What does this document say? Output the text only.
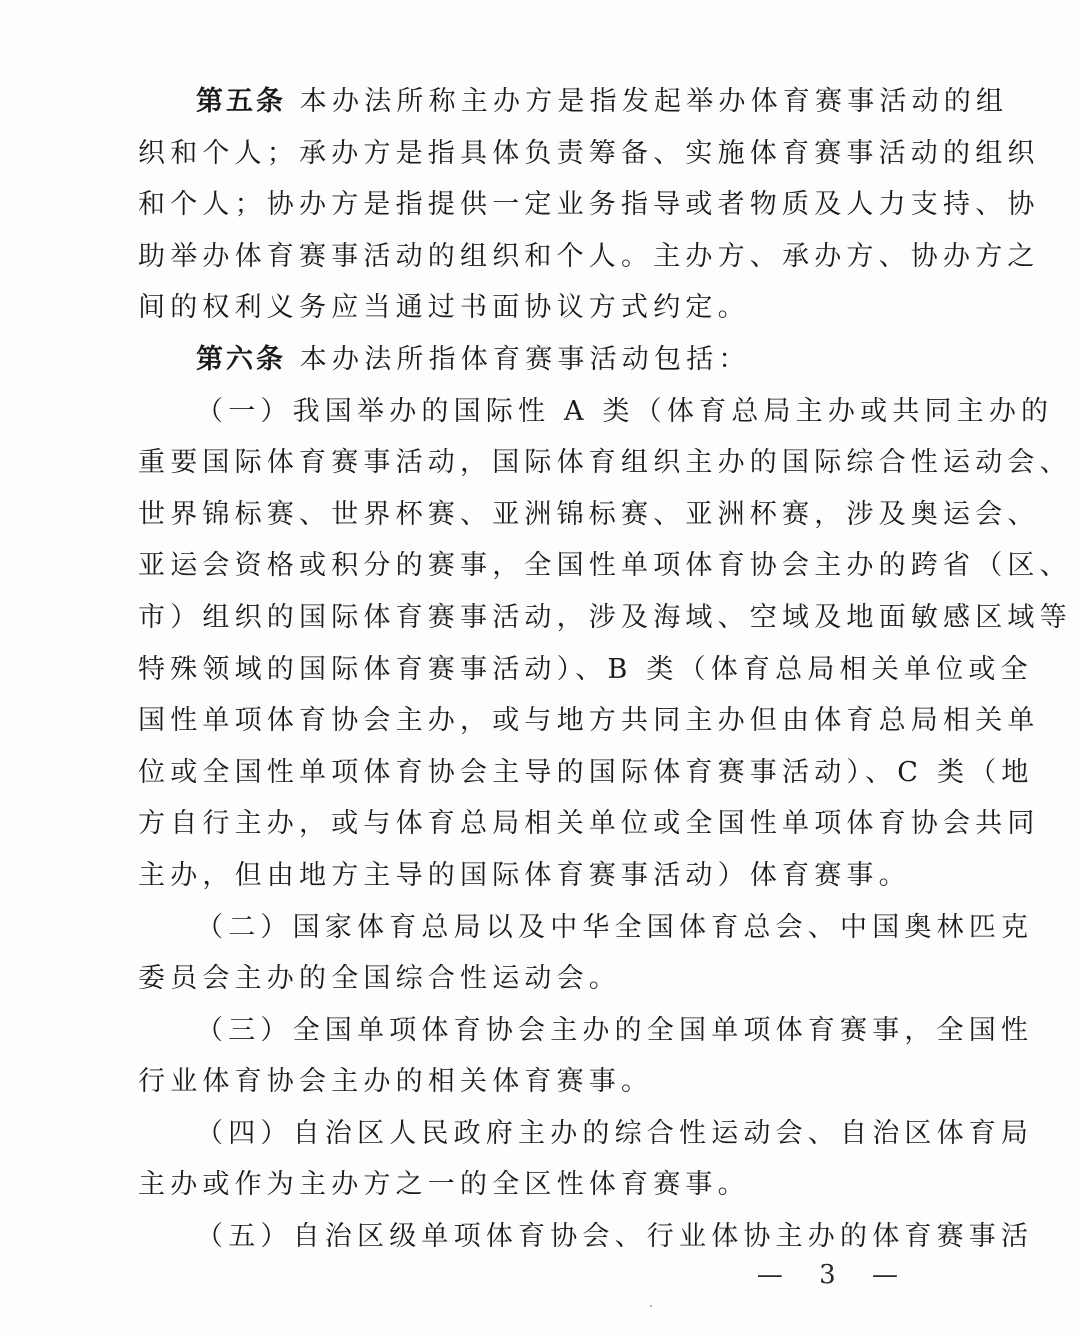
第五条 本办法所称主办方是指发起举办体育赛事活动的组
织和个人；承办方是指具体负责筹备、实施体育赛事活动的组织
和个人；协办方是指提供一定业务指导或者物质及人力支持、协
助举办体育赛事活动的组织和个人。主办方、承办方、协办方之
间的权利义务应当通过书面协议方式约定。
第六条 本办法所指体育赛事活动包括：
（一）我国举办的国际性 A 类（体育总局主办或共同主办的
重要国际体育赛事活动，国际体育组织主办的国际综合性运动会、
世界锦标赛、世界杯赛、亚洲锦标赛、亚洲杯赛，涉及奥运会、
亚运会资格或积分的赛事，全国性单项体育协会主办的跨省（区、
市）组织的国际体育赛事活动，涉及海域、空域及地面敏感区域等
特殊领域的国际体育赛事活动）、B 类（体育总局相关单位或全
国性单项体育协会主办，或与地方共同主办但由体育总局相关单
位或全国性单项体育协会主导的国际体育赛事活动）、C 类（地
方自行主办，或与体育总局相关单位或全国性单项体育协会共同
主办，但由地方主导的国际体育赛事活动）体育赛事。
（二）国家体育总局以及中华全国体育总会、中国奥林匹克
委员会主办的全国综合性运动会。
（三）全国单项体育协会主办的全国单项体育赛事，全国性
行业体育协会主办的相关体育赛事。
（四）自治区人民政府主办的综合性运动会、自治区体育局
主办或作为主办方之一的全区性体育赛事。
（五）自治区级单项体育协会、行业体协主办的体育赛事活
— 3 —
